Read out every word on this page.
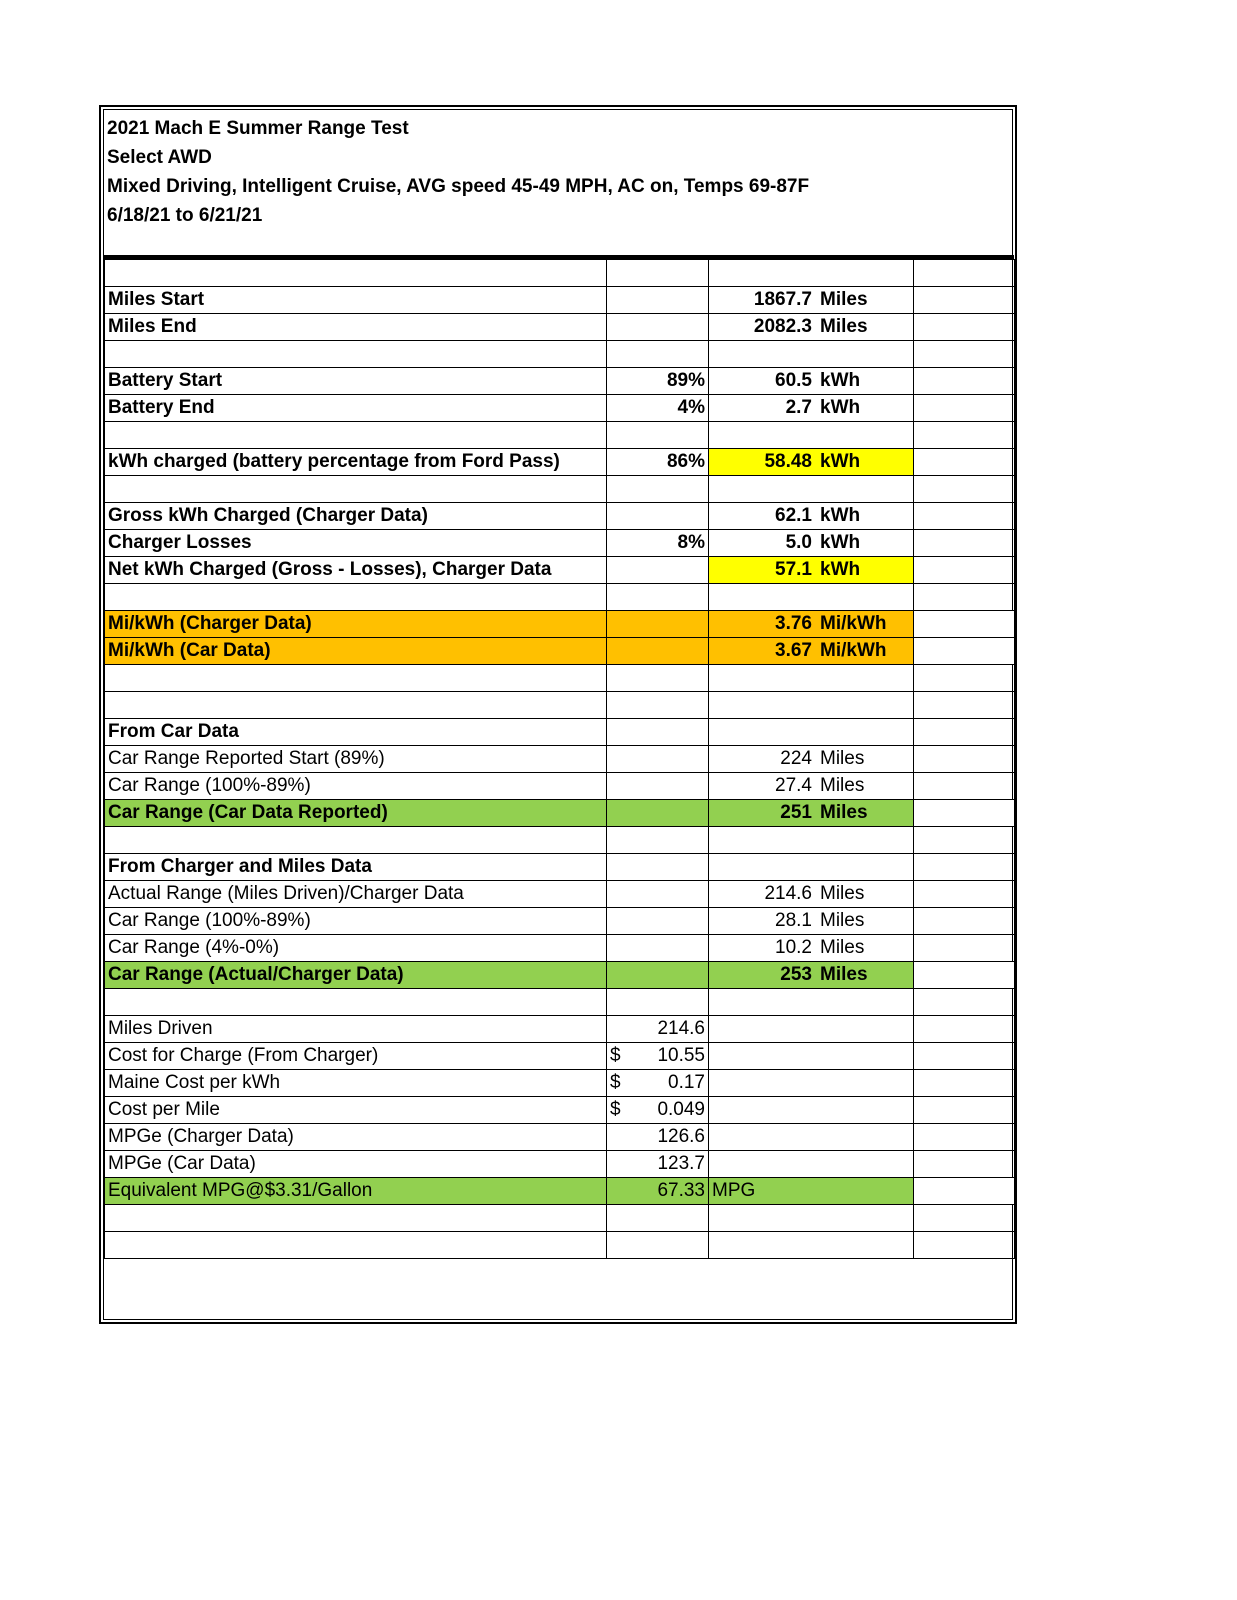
2021 Mach E Summer Range Test
Select AWD
Mixed Driving, Intelligent Cruise, AVG speed 45-49 MPH, AC on, Temps 69-87F
6/18/21 to 6/21/21

Miles Start		1867.7 Miles	
Miles End		2082.3 Miles	

Battery Start	89%	60.5 kWh	
Battery End	4%	2.7 kWh	

kWh charged (battery percentage from Ford Pass)	86%	58.48 kWh	

Gross kWh Charged (Charger Data)		62.1 kWh	
Charger Losses	8%	5.0 kWh	
Net kWh Charged (Gross - Losses), Charger Data		57.1 kWh	

Mi/kWh (Charger Data)		3.76 Mi/kWh	
Mi/kWh (Car Data)		3.67 Mi/kWh	

From Car Data			
Car Range Reported Start (89%)		224 Miles	
Car Range (100%-89%)		27.4 Miles	
Car Range (Car Data Reported)		251 Miles	

From Charger and Miles Data			
Actual Range (Miles Driven)/Charger Data		214.6 Miles	
Car Range (100%-89%)		28.1 Miles	
Car Range (4%-0%)		10.2 Miles	
Car Range (Actual/Charger Data)		253 Miles	

Miles Driven	214.6		
Cost for Charge (From Charger)	$ 10.55		

Maine Cost per kWh	$ 0.17		

Cost per Mile	$ 0.049		

MPGe (Charger Data)	126.6		
MPGe (Car Data)	123.7		
Equivalent MPG@$3.31/Gallon	67.33	MPG	
